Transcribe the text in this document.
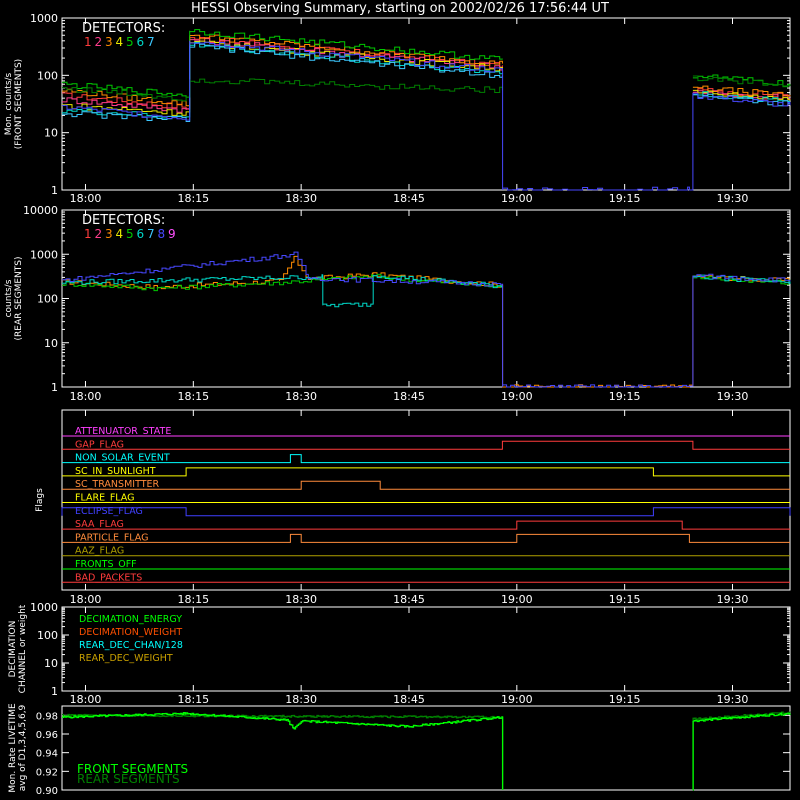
HESSI Observing Summary, starting on 2002/02/26 17:56:44 UT
1
10
100
1000
18:00	18:15	18:30	18:45	19:00	19:15	19:30
Mon. counts/s (FRONT SEGMENTS)
DETECTORS:
1 2 3 4 5 6 7
1
10
100
1000
10000
18:00	18:15	18:30	18:45	19:00	19:15	19:30
counts/s (REAR SEGMENTS)
DETECTORS:
1 2 3 4 5 6 7 8 9
18:00	18:15	18:30	18:45	19:00	19:15	19:30
Flags
ATTENUATOR_STATE
GAP_FLAG
NON_SOLAR_EVENT
SC_IN_SUNLIGHT
SC_TRANSMITTER
FLARE_FLAG
ECLIPSE_FLAG
SAA_FLAG
PARTICLE_FLAG
AAZ_FLAG
FRONTS_OFF
BAD_PACKETS
1
10
100
1000
18:00	18:15	18:30	18:45	19:00	19:15	19:30
DECIMATION CHANNEL or weight	DECIMATION_ENERGY
DECIMATION_WEIGHT
REAR_DEC_CHAN/128
REAR_DEC_WEIGHT
Mon. Rate LIVETIME avg of D1,3,4,5,6,9
0.90
0.92
0.94
0.96
0.98
FRONT SEGMENTS
REAR SEGMENTS
